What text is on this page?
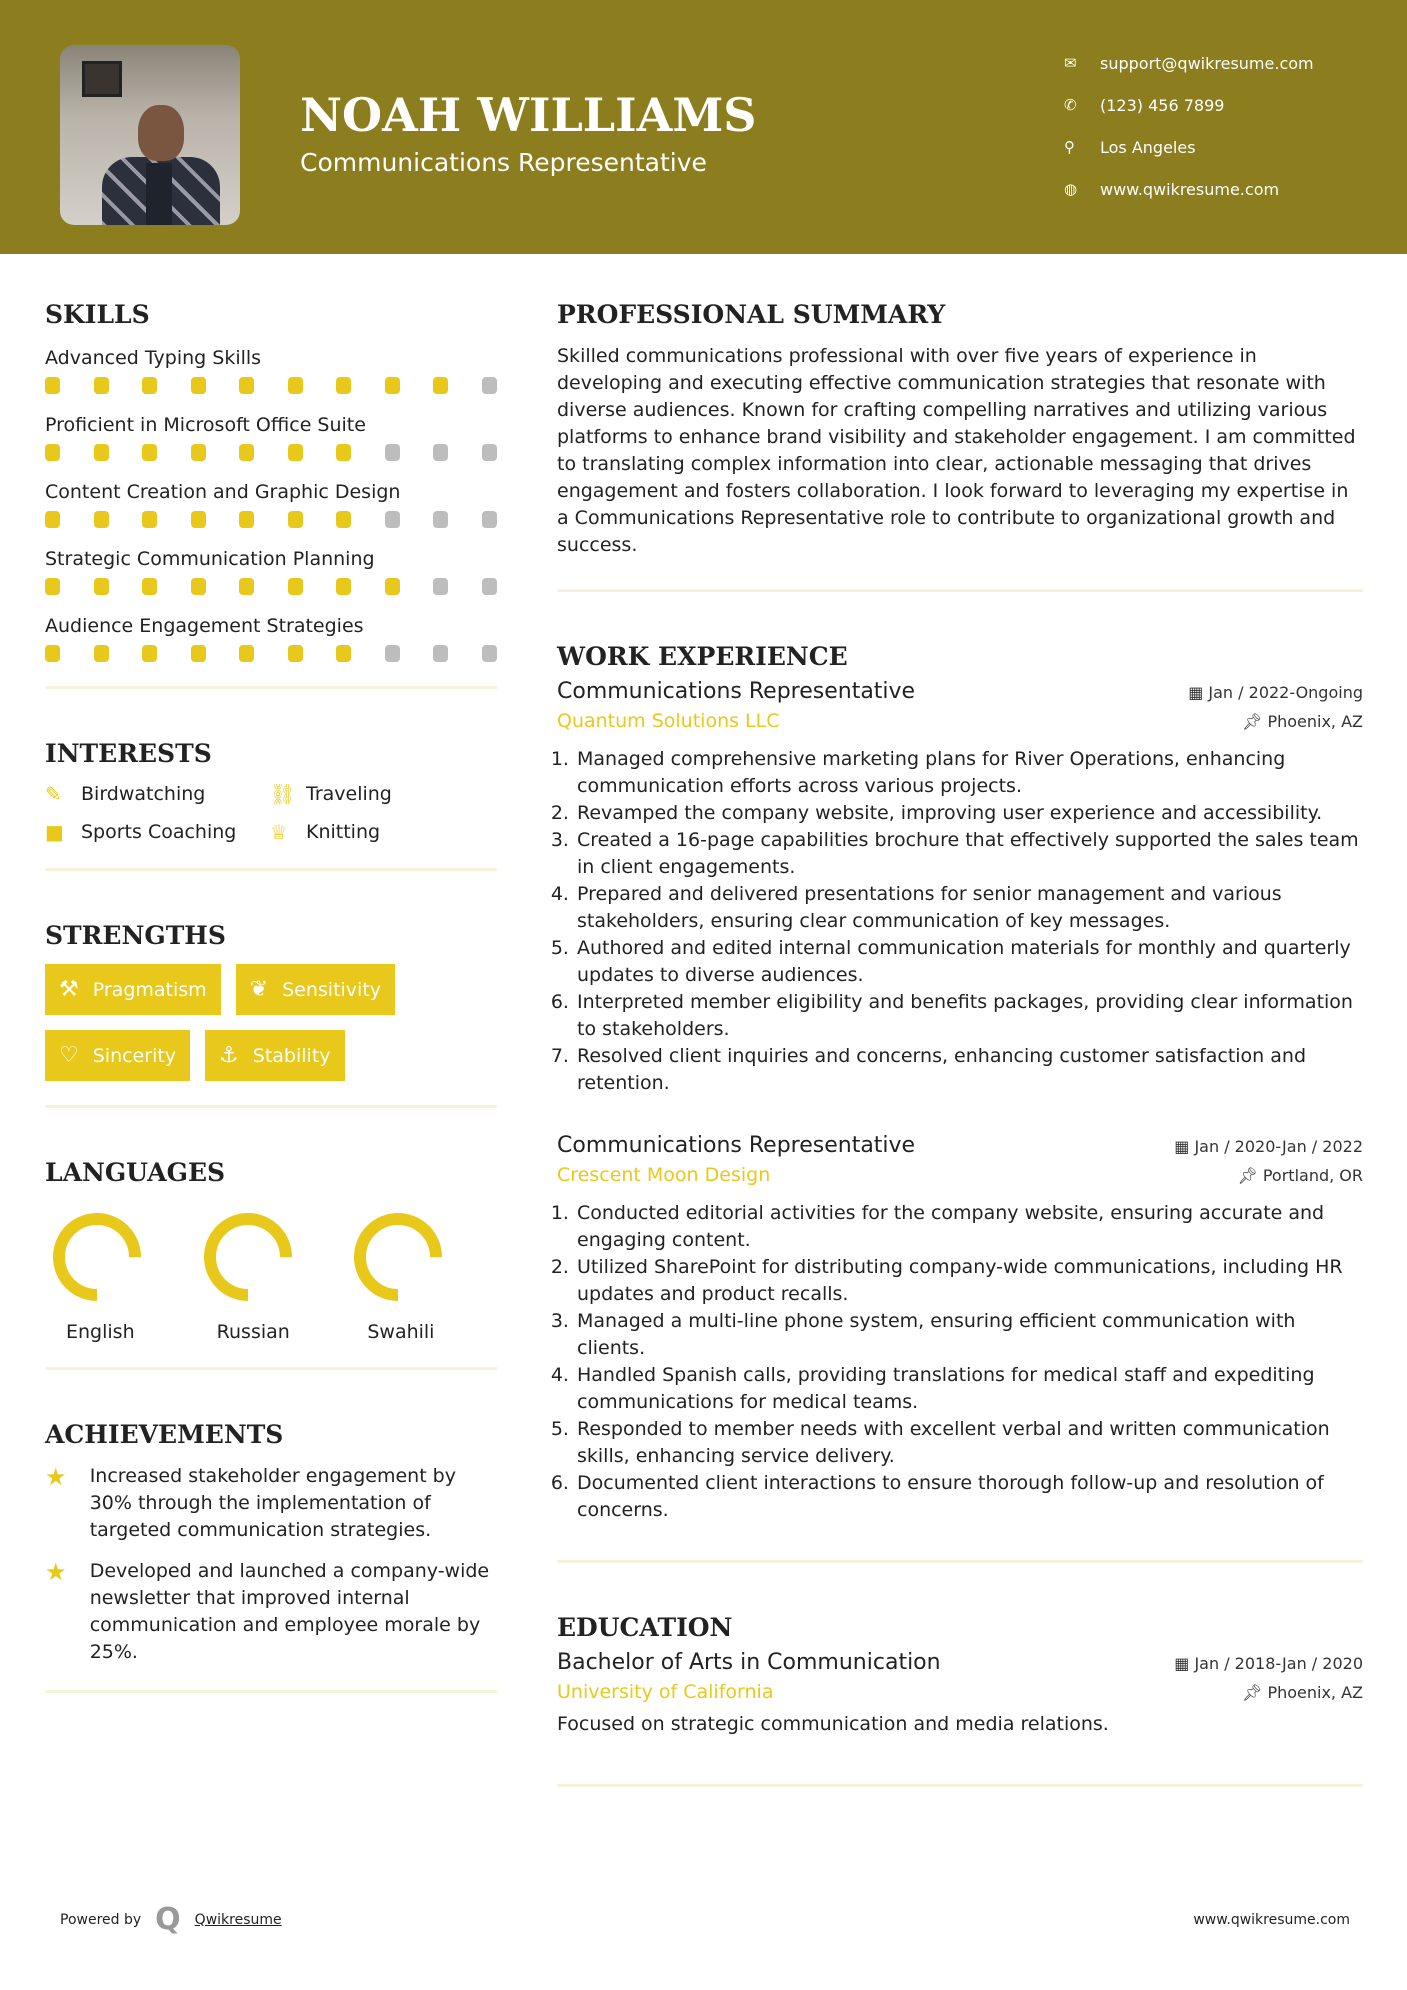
NOAH WILLIAMS
Communications Representative
✉	support@qwikresume.com
✆	(123) 456 7899
⚲	Los Angeles
◍	www.qwikresume.com
SKILLS
Advanced Typing Skills
Proficient in Microsoft Office Suite
Content Creation and Graphic Design
Strategic Communication Planning
Audience Engagement Strategies
INTERESTS
✎	Birdwatching	⛓ Traveling
■ Sports Coaching ♕ Knitting
STRENGTHS
⚒ Pragmatism ❦ Sensitivity
♡ Sincerity ⚓ Stability
LANGUAGES
English	Russian	Swahili
ACHIEVEMENTS
★	Increased stakeholder engagement by 30% through the implementation of targeted communication strategies.
★	Developed and launched a company-wide newsletter that improved internal communication and employee morale by 25%.
PROFESSIONAL SUMMARY

Skilled communications professional with over five years of experience in developing and executing effective communication strategies that resonate with diverse audiences. Known for crafting compelling narratives and utilizing various platforms to enhance brand visibility and stakeholder engagement. I am committed to translating complex information into clear, actionable messaging that drives engagement and fosters collaboration. I look forward to leveraging my expertise in a Communications Representative role to contribute to organizational growth and success.

WORK EXPERIENCE
Communications Representative	▦ Jan / 2022-Ongoing
Quantum Solutions LLC	📌︎ Phoenix, AZ
1. Managed comprehensive marketing plans for River Operations, enhancing communication efforts across various projects.
2. Revamped the company website, improving user experience and accessibility.
3. Created a 16-page capabilities brochure that effectively supported the sales team in client engagements.
4. Prepared and delivered presentations for senior management and various stakeholders, ensuring clear communication of key messages.
5. Authored and edited internal communication materials for monthly and quarterly updates to diverse audiences.
6. Interpreted member eligibility and benefits packages, providing clear information to stakeholders.
7. Resolved client inquiries and concerns, enhancing customer satisfaction and retention.
Communications Representative	▦ Jan / 2020-Jan / 2022
Crescent Moon Design	📌︎ Portland, OR
1. Conducted editorial activities for the company website, ensuring accurate and engaging content.
2. Utilized SharePoint for distributing company-wide communications, including HR updates and product recalls.
3. Managed a multi-line phone system, ensuring efficient communication with clients.
4. Handled Spanish calls, providing translations for medical staff and expediting communications for medical teams.
5. Responded to member needs with excellent verbal and written communication skills, enhancing service delivery.
6. Documented client interactions to ensure thorough follow-up and resolution of concerns.
EDUCATION
Bachelor of Arts in Communication	▦ Jan / 2018-Jan / 2020
University of California	📌︎ Phoenix, AZ

Focused on strategic communication and media relations.

Powered by Q Qwikresume	www.qwikresume.com
